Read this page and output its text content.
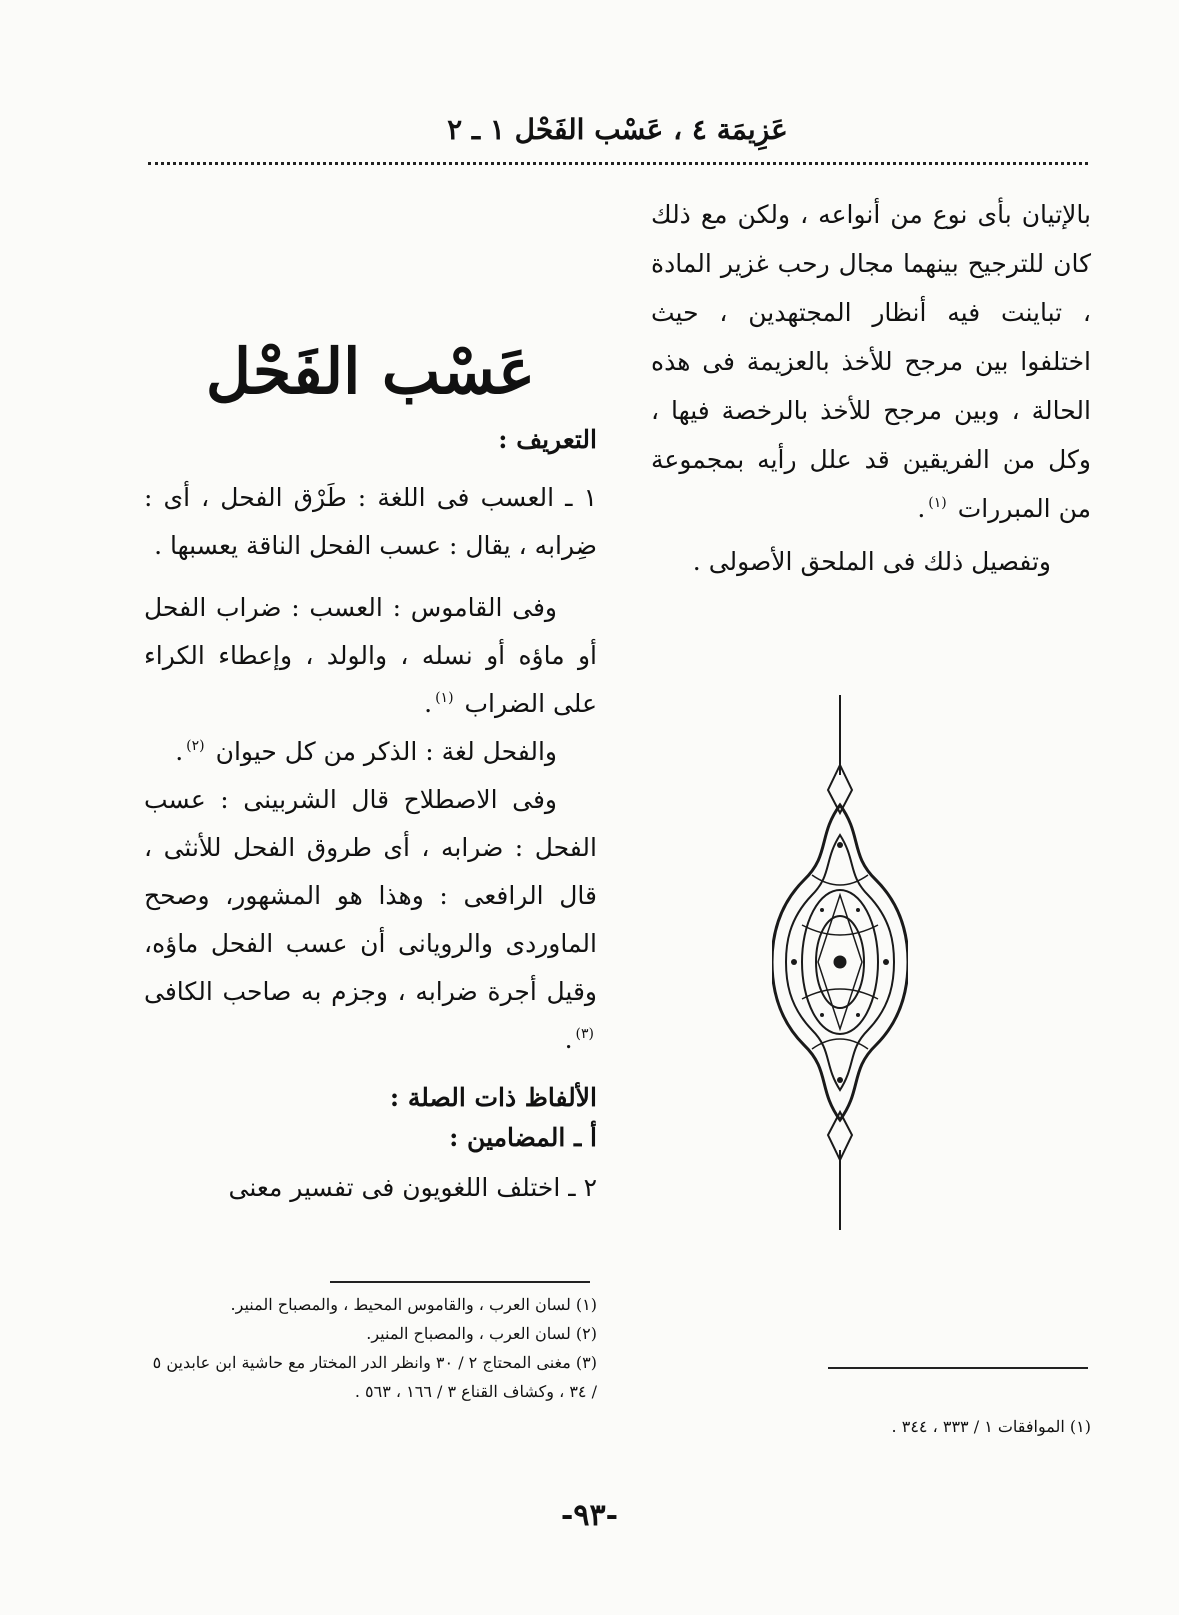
عَزِيمَة ٤ ، عَسْب الفَحْل ١ ـ ٢

بالإتيان بأى نوع من أنواعه ، ولكن مع ذلك كان للترجيح بينهما مجال رحب غزير المادة ، تباينت فيه أنظار المجتهدين ، حيث اختلفوا بين مرجح للأخذ بالعزيمة فى هذه الحالة ، وبين مرجح للأخذ بالرخصة فيها ، وكل من الفريقين قد علل رأيه بمجموعة من المبررات $^{(١)}$.

وتفصيل ذلك فى الملحق الأصولى .

عَسْب الفَحْل
التعريف :

١ ـ العسب فى اللغة : طَرْق الفحل ، أى : ضِرابه ، يقال : عسب الفحل الناقة يعسبها .

وفى القاموس : العسب : ضراب الفحل أو ماؤه أو نسله ، والولد ، وإعطاء الكراء على الضراب $^{(١)}$.

والفحل لغة : الذكر من كل حيوان $^{(٢)}$.

وفى الاصطلاح قال الشربينى : عسب الفحل : ضرابه ، أى طروق الفحل للأنثى ، قال الرافعى : وهذا هو المشهور، وصحح الماوردى والرويانى أن عسب الفحل ماؤه، وقيل أجرة ضرابه ، وجزم به صاحب الكافى $^{(٣)}$.

الألفاظ ذات الصلة :
أ ـ المضامين :

٢ ـ اختلف اللغويون فى تفسير معنى

(١) لسان العرب ، والقاموس المحيط ، والمصباح المنير.

(٢) لسان العرب ، والمصباح المنير.

(٣) مغنى المحتاج ٢ / ٣٠ وانظر الدر المختار مع حاشية ابن عابدين ٥ / ٣٤ ، وكشاف القناع ٣ / ١٦٦ ، ٥٦٣ .

(١) الموافقات ١ / ٣٣٣ ، ٣٤٤ .

-٩٣-
